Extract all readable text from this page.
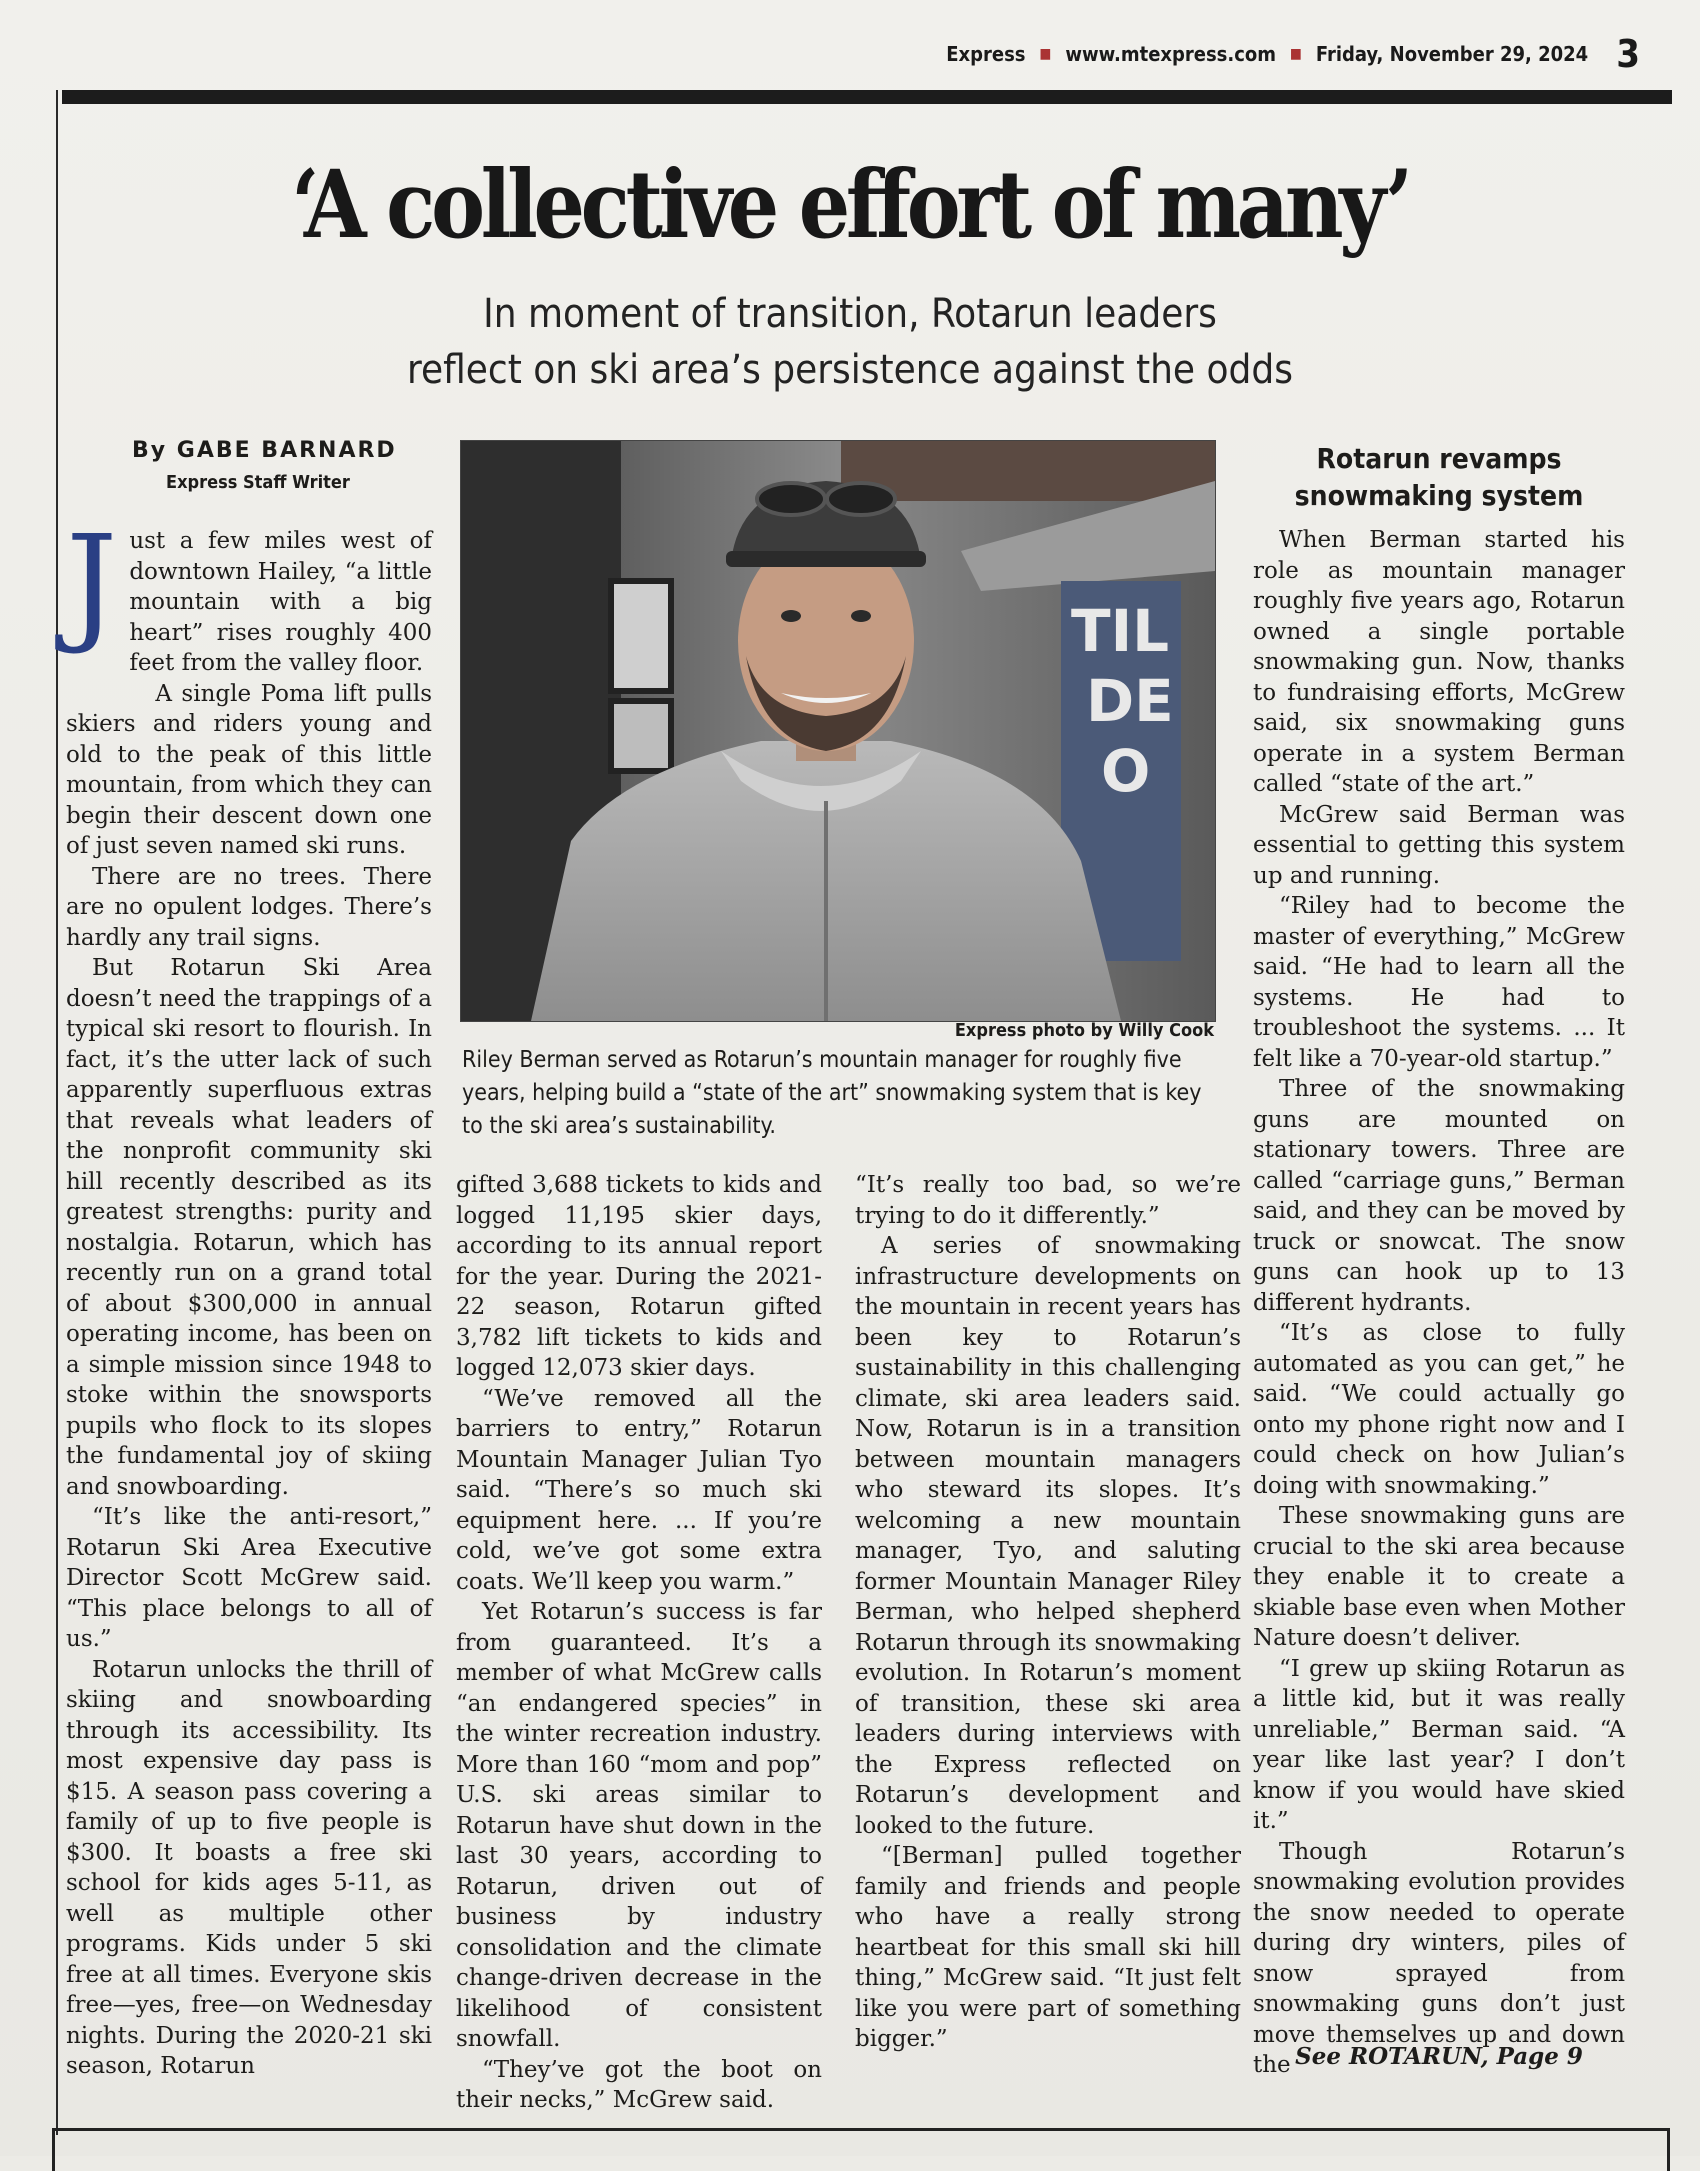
Express ■ www.mtexpress.com ■ Friday, November 29, 2024 3
‘A collective effort of many’
In moment of transition, Rotarun leaders
reflect on ski area’s persistence against the odds
By GABE BARNARD
Express Staff Writer

Just a few miles west of downtown Hailey, “a little mountain with a big heart” rises roughly 400 feet from the valley floor.

A single Poma lift pulls skiers and riders young and old to the peak of this little mountain, from which they can begin their descent down one of just seven named ski runs.

There are no trees. There are no opulent lodges. There’s hardly any trail signs.

But Rotarun Ski Area doesn’t need the trappings of a typical ski resort to flourish. In fact, it’s the utter lack of such apparently superfluous extras that reveals what leaders of the nonprofit community ski hill recently described as its greatest strengths: purity and nostalgia. Rotarun, which has recently run on a grand total of about $300,000 in annual operating income, has been on a simple mission since 1948 to stoke within the snowsports pupils who flock to its slopes the fundamental joy of skiing and snowboarding.

“It’s like the anti-resort,” Rotarun Ski Area Executive Director Scott McGrew said. “This place belongs to all of us.”

Rotarun unlocks the thrill of skiing and snowboarding through its accessibility. Its most expensive day pass is $15. A season pass covering a family of up to five people is $300. It boasts a free ski school for kids ages 5-11, as well as multiple other programs. Kids under 5 ski free at all times. Everyone skis free—yes, free—on Wednesday nights. During the 2020-21 ski season, Rotarun

TIL
DE
O
Express photo by Willy Cook
Riley Berman served as Rotarun’s mountain manager for roughly five years, helping build a “state of the art” snowmaking system that is key to the ski area’s sustainability.

gifted 3,688 tickets to kids and logged 11,195 skier days, according to its annual report for the year. During the 2021-22 season, Rotarun gifted 3,782 lift tickets to kids and logged 12,073 skier days.

“We’ve removed all the barriers to entry,” Rotarun Mountain Manager Julian Tyo said. “There’s so much ski equipment here. ... If you’re cold, we’ve got some extra coats. We’ll keep you warm.”

Yet Rotarun’s success is far from guaranteed. It’s a member of what McGrew calls “an endangered species” in the winter recreation industry. More than 160 “mom and pop” U.S. ski areas similar to Rotarun have shut down in the last 30 years, according to Rotarun, driven out of business by industry consolidation and the climate change-driven decrease in the likelihood of consistent snowfall.

“They’ve got the boot on their necks,” McGrew said.

“It’s really too bad, so we’re trying to do it differently.”

A series of snowmaking infrastructure developments on the mountain in recent years has been key to Rotarun’s sustainability in this challenging climate, ski area leaders said. Now, Rotarun is in a transition between mountain managers who steward its slopes. It’s welcoming a new mountain manager, Tyo, and saluting former Mountain Manager Riley Berman, who helped shepherd Rotarun through its snowmaking evolution. In Rotarun’s moment of transition, these ski area leaders during interviews with the Express reflected on Rotarun’s development and looked to the future.

“[Berman] pulled together family and friends and people who have a really strong heartbeat for this small ski hill thing,” McGrew said. “It just felt like you were part of something bigger.”

Rotarun revamps snowmaking system

When Berman started his role as mountain manager roughly five years ago, Rotarun owned a single portable snowmaking gun. Now, thanks to fundraising efforts, McGrew said, six snowmaking guns operate in a system Berman called “state of the art.”

McGrew said Berman was essential to getting this system up and running.

“Riley had to become the master of everything,” McGrew said. “He had to learn all the systems. He had to troubleshoot the systems. ... It felt like a 70-year-old startup.”

Three of the snowmaking guns are mounted on stationary towers. Three are called “carriage guns,” Berman said, and they can be moved by truck or snowcat. The snow guns can hook up to 13 different hydrants.

“It’s as close to fully automated as you can get,” he said. “We could actually go onto my phone right now and I could check on how Julian’s doing with snowmaking.”

These snowmaking guns are crucial to the ski area because they enable it to create a skiable base even when Mother Nature doesn’t deliver.

“I grew up skiing Rotarun as a little kid, but it was really unreliable,” Berman said. “A year like last year? I don’t know if you would have skied it.”

Though Rotarun’s snowmaking evolution provides the snow needed to operate during dry winters, piles of snow sprayed from snowmaking guns don’t just move themselves up and down the See ROTARUN, Page 9
